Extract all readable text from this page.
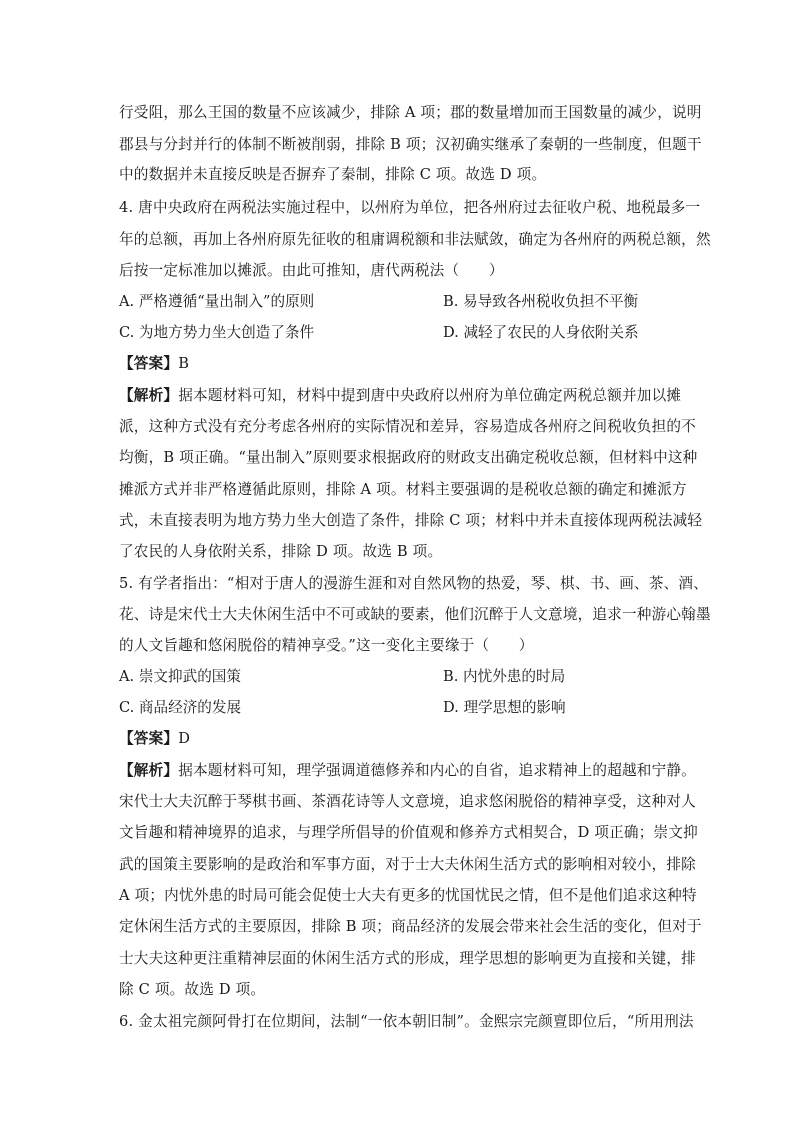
行受阻，那么王国的数量不应该减少，排除 A 项；郡的数量增加而王国数量的减少，说明
郡县与分封并行的体制不断被削弱，排除 B 项；汉初确实继承了秦朝的一些制度，但题干
中的数据并未直接反映是否摒弃了秦制，排除 C 项。故选 D 项。
4. 唐中央政府在两税法实施过程中，以州府为单位，把各州府过去征收户税、地税最多一
年的总额，再加上各州府原先征收的租庸调税额和非法赋敛，确定为各州府的两税总额，然
后按一定标准加以摊派。由此可推知，唐代两税法（　　）
A. 严格遵循“量出制入”的原则	B. 易导致各州税收负担不平衡
C. 为地方势力坐大创造了条件	D. 减轻了农民的人身依附关系
【答案】B
【解析】据本题材料可知，材料中提到唐中央政府以州府为单位确定两税总额并加以摊
派，这种方式没有充分考虑各州府的实际情况和差异，容易造成各州府之间税收负担的不
均衡，B 项正确。“量出制入”原则要求根据政府的财政支出确定税收总额，但材料中这种
摊派方式并非严格遵循此原则，排除 A 项。材料主要强调的是税收总额的确定和摊派方
式，未直接表明为地方势力坐大创造了条件，排除 C 项；材料中并未直接体现两税法减轻
了农民的人身依附关系，排除 D 项。故选 B 项。
5. 有学者指出：“相对于唐人的漫游生涯和对自然风物的热爱，琴、棋、书、画、茶、酒、
花、诗是宋代士大夫休闲生活中不可或缺的要素，他们沉醉于人文意境，追求一种游心翰墨
的人文旨趣和悠闲脱俗的精神享受。”这一变化主要缘于（　　）
A. 崇文抑武的国策	B. 内忧外患的时局
C. 商品经济的发展	D. 理学思想的影响
【答案】D
【解析】据本题材料可知，理学强调道德修养和内心的自省，追求精神上的超越和宁静。
宋代士大夫沉醉于琴棋书画、茶酒花诗等人文意境，追求悠闲脱俗的精神享受，这种对人
文旨趣和精神境界的追求，与理学所倡导的价值观和修养方式相契合，D 项正确；崇文抑
武的国策主要影响的是政治和军事方面，对于士大夫休闲生活方式的影响相对较小，排除
A 项；内忧外患的时局可能会促使士大夫有更多的忧国忧民之情，但不是他们追求这种特
定休闲生活方式的主要原因，排除 B 项；商品经济的发展会带来社会生活的变化，但对于
士大夫这种更注重精神层面的休闲生活方式的形成，理学思想的影响更为直接和关键，排
除 C 项。故选 D 项。
6. 金太祖完颜阿骨打在位期间，法制“一依本朝旧制”。金熙宗完颜亶即位后，“所用刑法
